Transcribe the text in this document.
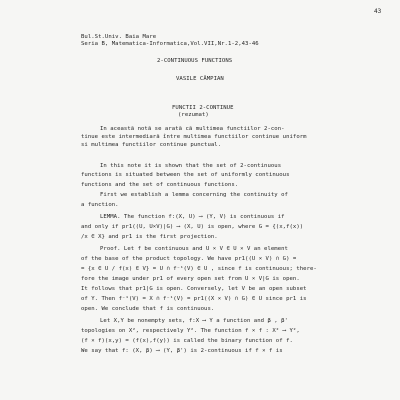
43
Bul.St.Univ. Baia Mare
Seria B, Matematica-Informatica,Vol.VII,Nr.1-2,43-46
2-CONTINUOUS FUNCTIONS
VASILE CÂMPIAN
FUNCTII 2-CONTINUE
(rezumat)
In aceastã notã se aratã cã multimea functiilor 2-con-
tinue este intermediarã între multimea functiilor continue uniform
si multimea functiilor continue punctual.
In this note it is shown that the set of 2-continuous
functions is situated between the set of uniformly continuous
functions and the set of continuous functions.
First we establish a lemma concerning the continuity of
a function.
LEMMA. The function f:(X, U) ⟶ (Y, V) is continuous if
and only if pr1((U, U×V)|G) ⟶ (X, U) is open, where G = {(x,f(x))
/x ∈ X} and pr1 is the first projection.
Proof. Let f be continuous and U × V ∈ U × V an element
of the base of the product topology. We have pr1((U × V) ∩ G) =
= {x ∈ U / f(x) ∈ V} = U ∩ f⁻¹(V) ∈ U , since f is continuous; there-
fore the image under pr1 of every open set from U × V|G is open.
It follows that pr1|G is open. Conversely, let V be an open subset
of Y. Then f⁻¹(V) = X ∩ f⁻¹(V) = pr1((X × V) ∩ G) ∈ U since pr1 is
open. We conclude that f is continuous.
Let X,Y be nonempty sets, f:X ⟶ Y a function and β , β'
topologies on X², respectively Y². The function f × f : X² ⟶ Y²,
(f × f)(x,y) = (f(x),f(y)) is called the binary function of f.
We say that f: (X, β) ⟶ (Y, β') is 2-continuous if f × f is
